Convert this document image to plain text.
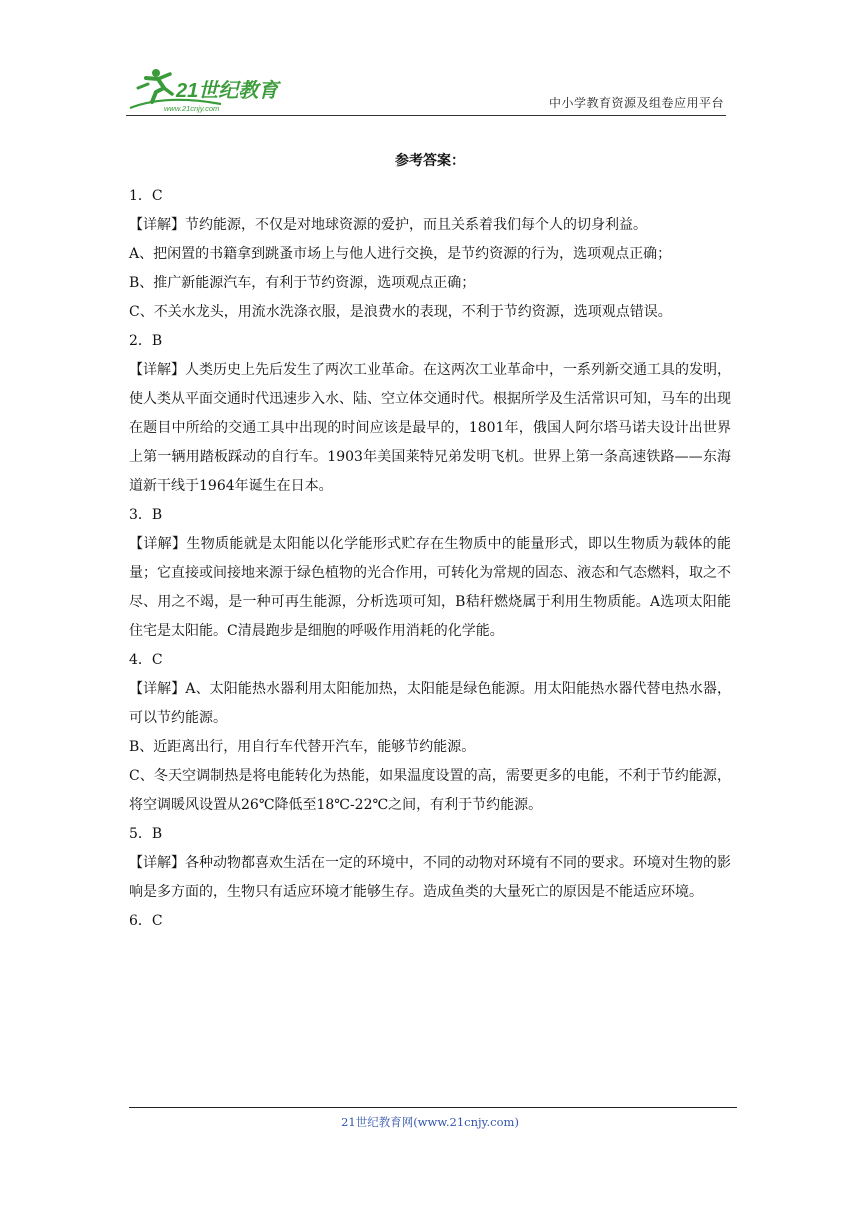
21世纪教育
www.21cnjy.com	中小学教育资源及组卷应用平台
参考答案：
1．C
【详解】节约能源，不仅是对地球资源的爱护，而且关系着我们每个人的切身利益。
A、把闲置的书籍拿到跳蚤市场上与他人进行交换，是节约资源的行为，选项观点正确；
B、推广新能源汽车，有利于节约资源，选项观点正确；
C、不关水龙头，用流水洗涤衣服，是浪费水的表现，不利于节约资源，选项观点错误。
2．B
【详解】人类历史上先后发生了两次工业革命。在这两次工业革命中，一系列新交通工具的发明，使人类从平面交通时代迅速步入水、陆、空立体交通时代。根据所学及生活常识可知，马车的出现在题目中所给的交通工具中出现的时间应该是最早的，1801年，俄国人阿尔塔马诺夫设计出世界上第一辆用踏板踩动的自行车。1903年美国莱特兄弟发明飞机。世界上第一条高速铁路——东海道新干线于1964年诞生在日本。
3．B
【详解】生物质能就是太阳能以化学能形式贮存在生物质中的能量形式，即以生物质为载体的能量；它直接或间接地来源于绿色植物的光合作用，可转化为常规的固态、液态和气态燃料，取之不尽、用之不竭，是一种可再生能源，分析选项可知，B秸秆燃烧属于利用生物质能。A选项太阳能住宅是太阳能。C清晨跑步是细胞的呼吸作用消耗的化学能。
4．C
【详解】A、太阳能热水器利用太阳能加热，太阳能是绿色能源。用太阳能热水器代替电热水器，可以节约能源。
B、近距离出行，用自行车代替开汽车，能够节约能源。
C、冬天空调制热是将电能转化为热能，如果温度设置的高，需要更多的电能，不利于节约能源，将空调暖风设置从26℃降低至18℃-22℃之间，有利于节约能源。
5．B
【详解】各种动物都喜欢生活在一定的环境中，不同的动物对环境有不同的要求。环境对生物的影响是多方面的，生物只有适应环境才能够生存。造成鱼类的大量死亡的原因是不能适应环境。
6．C
21世纪教育网(www.21cnjy.com)
